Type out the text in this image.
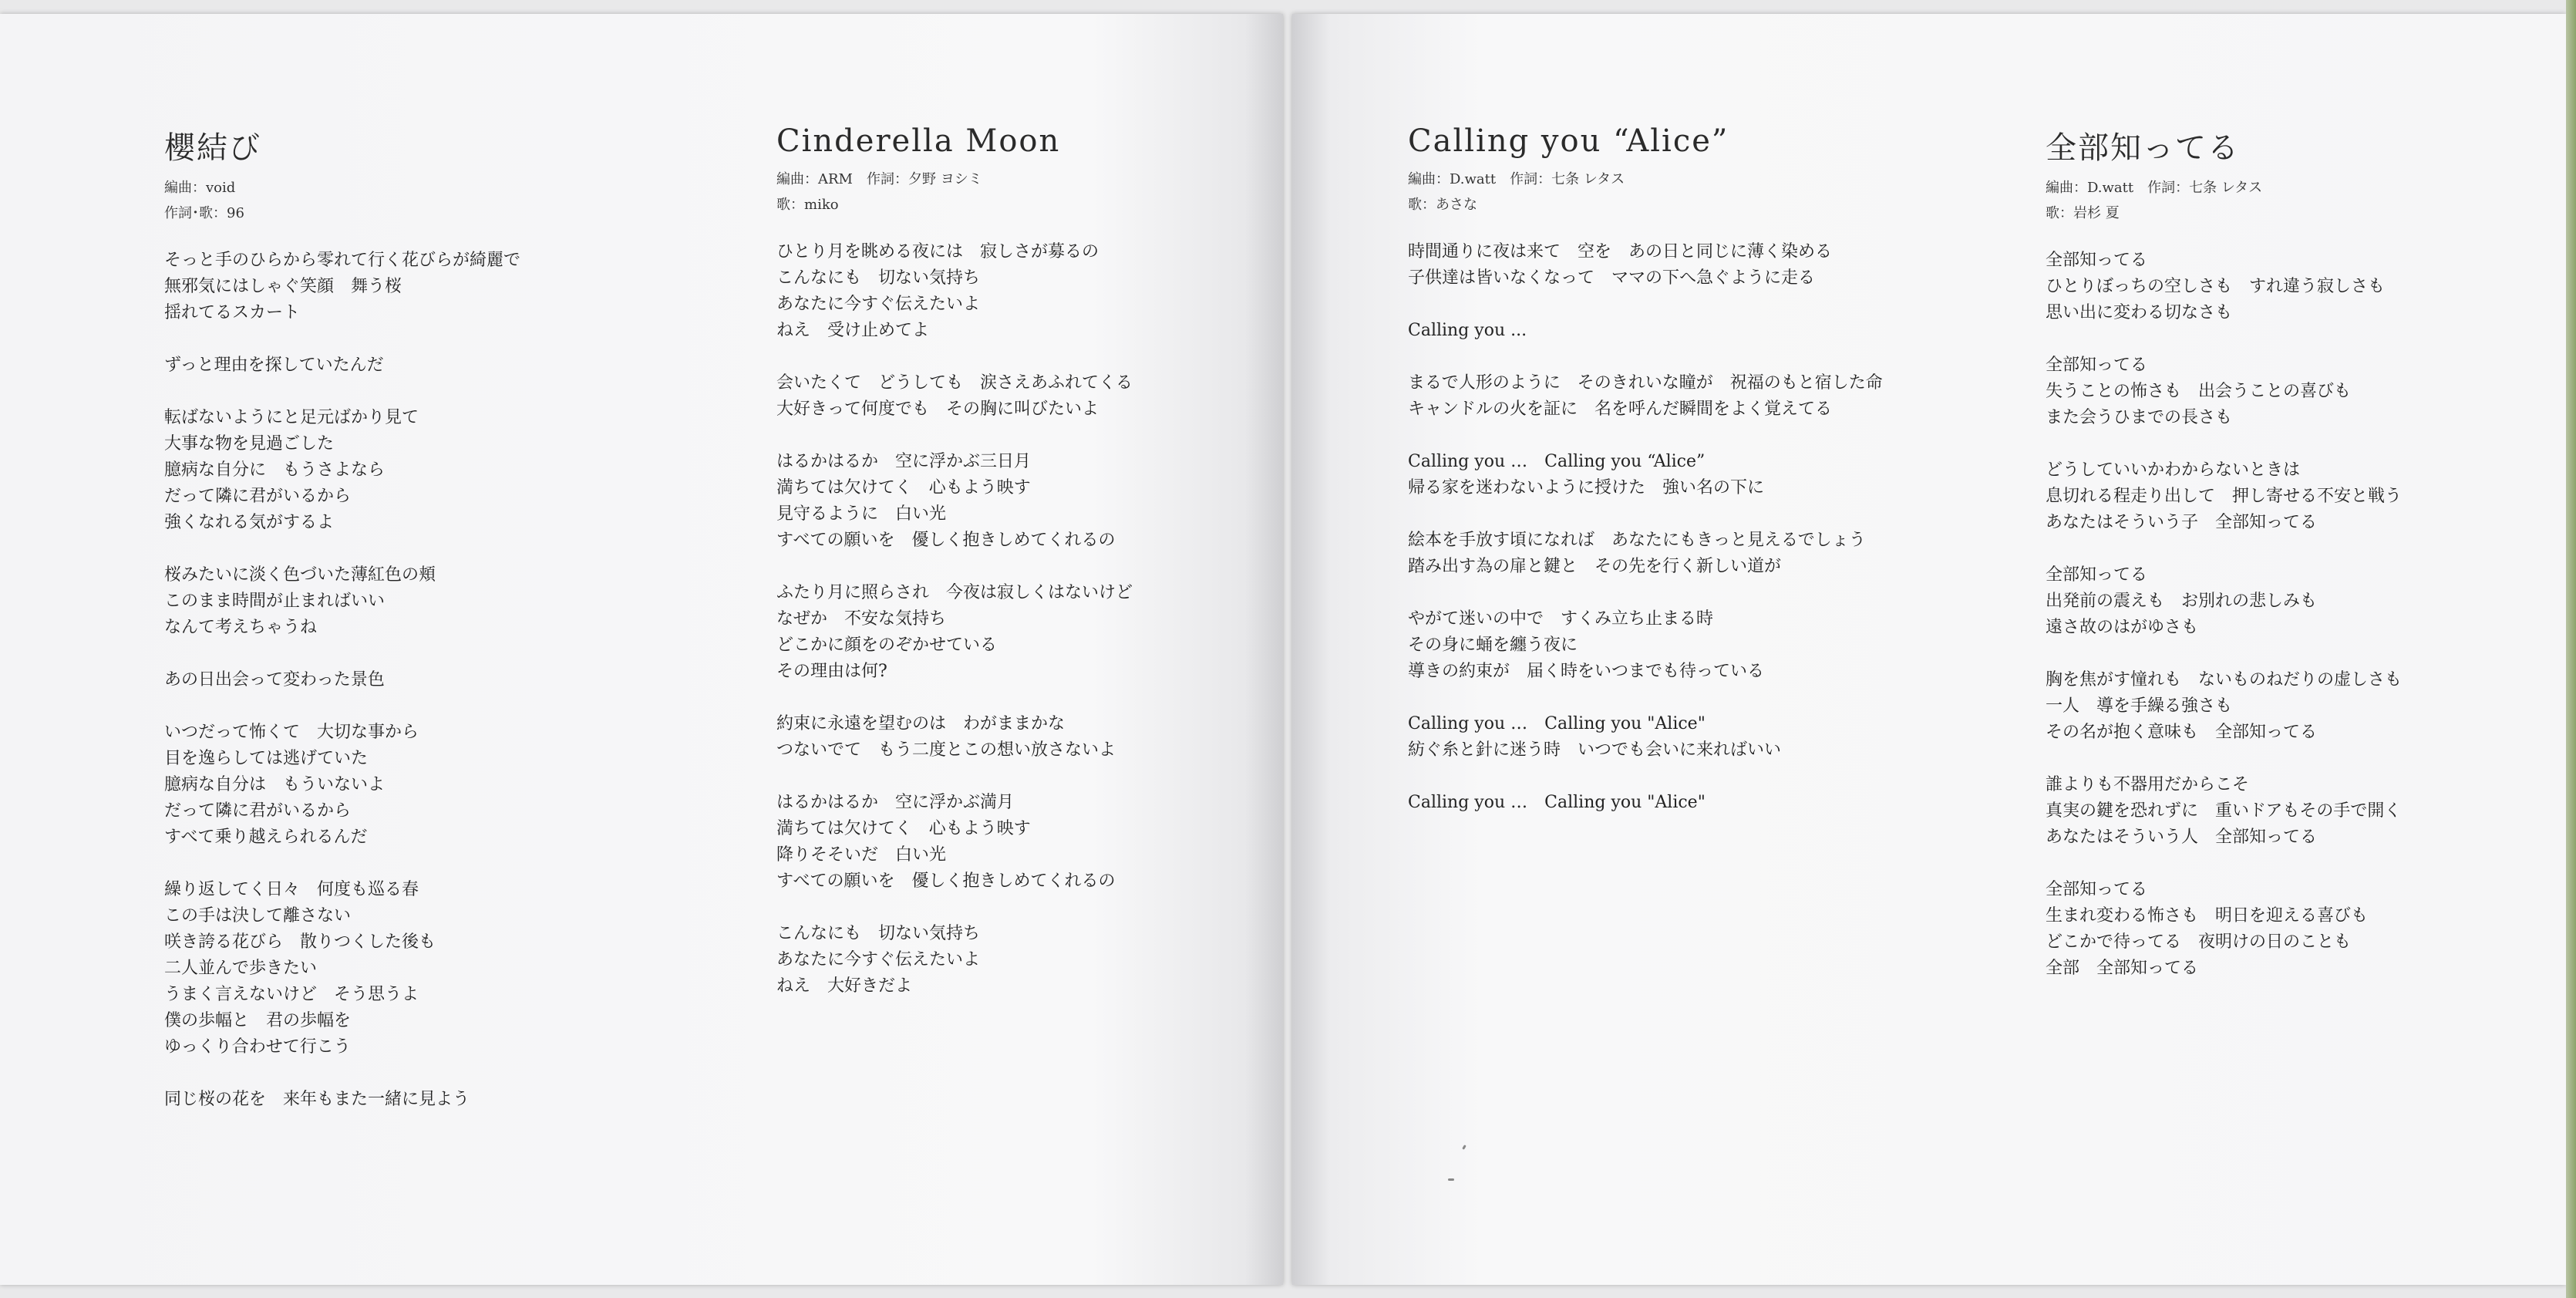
櫻結び
編曲：void
作詞･歌：96
そっと手のひらから零れて行く花びらが綺麗で
無邪気にはしゃぐ笑顔　舞う桜
揺れてるスカート
ずっと理由を探していたんだ
転ばないようにと足元ばかり見て
大事な物を見過ごした
臆病な自分に　もうさよなら
だって隣に君がいるから
強くなれる気がするよ
桜みたいに淡く色づいた薄紅色の頬
このまま時間が止まればいい
なんて考えちゃうね
あの日出会って変わった景色
いつだって怖くて　大切な事から
目を逸らしては逃げていた
臆病な自分は　もういないよ
だって隣に君がいるから
すべて乗り越えられるんだ
繰り返してく日々　何度も巡る春
この手は決して離さない
咲き誇る花びら　散りつくした後も
二人並んで歩きたい
うまく言えないけど　そう思うよ
僕の歩幅と　君の歩幅を
ゆっくり合わせて行こう
同じ桜の花を　来年もまた一緒に見よう
Cinderella Moon
編曲：ARM　作詞：夕野 ヨシミ
歌：miko
ひとり月を眺める夜には　寂しさが募るの
こんなにも　切ない気持ち
あなたに今すぐ伝えたいよ
ねえ　受け止めてよ
会いたくて　どうしても　涙さえあふれてくる
大好きって何度でも　その胸に叫びたいよ
はるかはるか　空に浮かぶ三日月
満ちては欠けてく　心もよう映す
見守るように　白い光
すべての願いを　優しく抱きしめてくれるの
ふたり月に照らされ　今夜は寂しくはないけど
なぜか　不安な気持ち
どこかに顔をのぞかせている
その理由は何?
約束に永遠を望むのは　わがままかな
つないでて　もう二度とこの想い放さないよ
はるかはるか　空に浮かぶ満月
満ちては欠けてく　心もよう映す
降りそそいだ　白い光
すべての願いを　優しく抱きしめてくれるの
こんなにも　切ない気持ち
あなたに今すぐ伝えたいよ
ねえ　大好きだよ
Calling you “Alice”
編曲：D.watt　作詞：七条 レタス
歌：あさな
時間通りに夜は来て　空を　あの日と同じに薄く染める
子供達は皆いなくなって　ママの下へ急ぐように走る
Calling you ...
まるで人形のように　そのきれいな瞳が　祝福のもと宿した命
キャンドルの火を証に　名を呼んだ瞬間をよく覚えてる
Calling you …　Calling you “Alice”
帰る家を迷わないように授けた　強い名の下に
絵本を手放す頃になれば　あなたにもきっと見えるでしょう
踏み出す為の扉と鍵と　その先を行く新しい道が
やがて迷いの中で　すくみ立ち止まる時
その身に蛹を纏う夜に
導きの約束が　届く時をいつまでも待っている
Calling you …　Calling you "Alice"
紡ぐ糸と針に迷う時　いつでも会いに来ればいい
Calling you …　Calling you "Alice"
全部知ってる
編曲：D.watt　作詞：七条 レタス
歌：岩杉 夏
全部知ってる
ひとりぼっちの空しさも　すれ違う寂しさも
思い出に変わる切なさも
全部知ってる
失うことの怖さも　出会うことの喜びも
また会うひまでの長さも
どうしていいかわからないときは
息切れる程走り出して　押し寄せる不安と戦う
あなたはそういう子　全部知ってる
全部知ってる
出発前の震えも　お別れの悲しみも
遠さ故のはがゆさも
胸を焦がす憧れも　ないものねだりの虚しさも
一人　導を手繰る強さも
その名が抱く意味も　全部知ってる
誰よりも不器用だからこそ
真実の鍵を恐れずに　重いドアもその手で開く
あなたはそういう人　全部知ってる
全部知ってる
生まれ変わる怖さも　明日を迎える喜びも
どこかで待ってる　夜明けの日のことも
全部　全部知ってる
